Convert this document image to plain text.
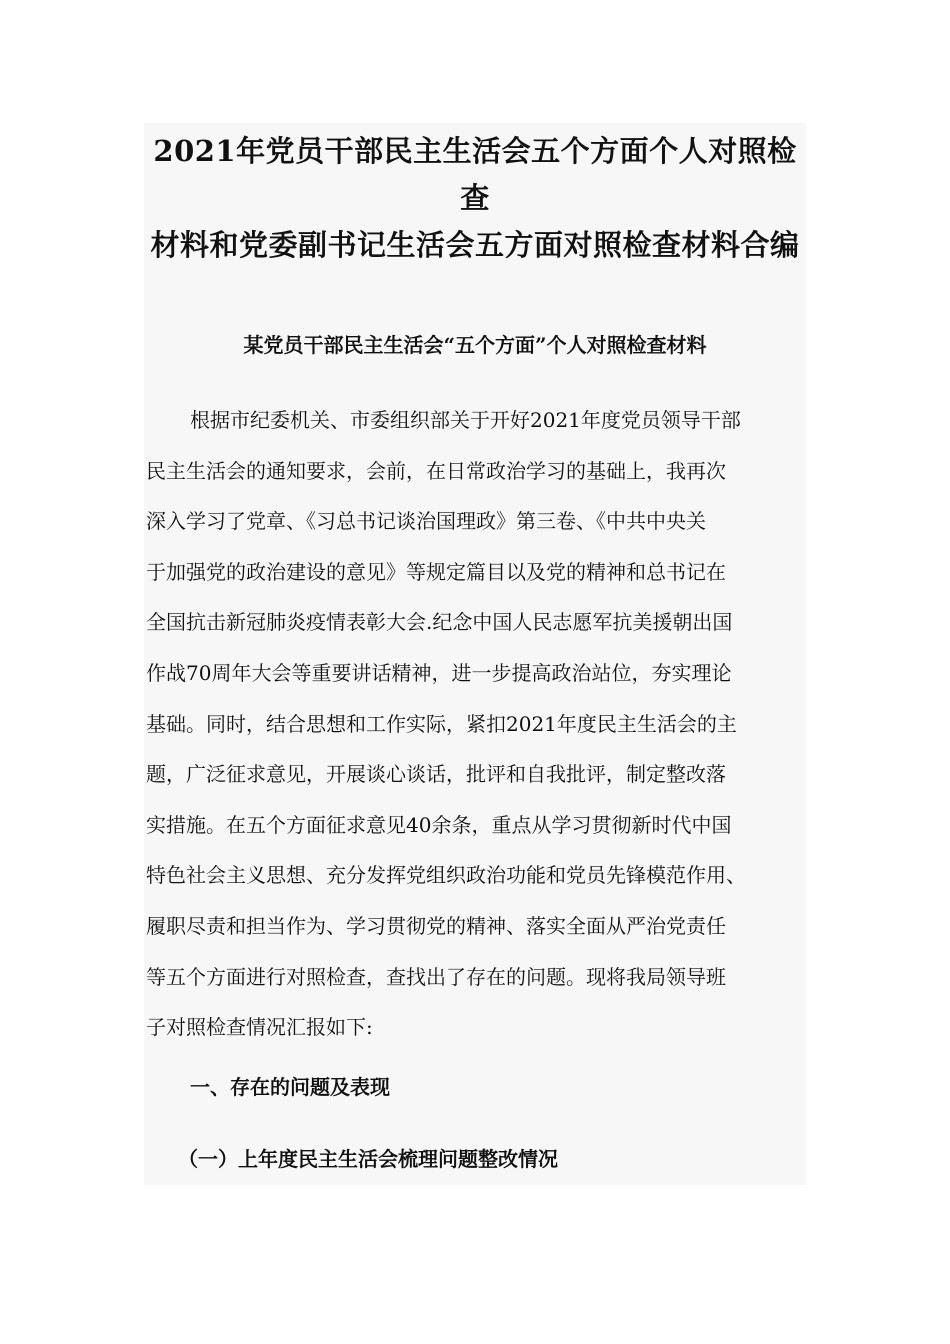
2021年党员干部民主生活会五个方面个人对照检查
材料和党委副书记生活会五方面对照检查材料合编
某党员干部民主生活会“五个方面”个人对照检查材料

根据市纪委机关、市委组织部关于开好2021年度党员领导干部
民主生活会的通知要求，会前，在日常政治学习的基础上，我再次
深入学习了党章、《习总书记谈治国理政》第三卷、《中共中央关
于加强党的政治建设的意见》等规定篇目以及党的精神和总书记在
全国抗击新冠肺炎疫情表彰大会.纪念中国人民志愿军抗美援朝出国
作战70周年大会等重要讲话精神，进一步提高政治站位，夯实理论
基础。同时，结合思想和工作实际，紧扣2021年度民主生活会的主
题，广泛征求意见，开展谈心谈话，批评和自我批评，制定整改落
实措施。在五个方面征求意见40余条，重点从学习贯彻新时代中国
特色社会主义思想、充分发挥党组织政治功能和党员先锋模范作用、
履职尽责和担当作为、学习贯彻党的精神、落实全面从严治党责任
等五个方面进行对照检查，查找出了存在的问题。现将我局领导班
子对照检查情况汇报如下:

一、存在的问题及表现
（一）上年度民主生活会梳理问题整改情况
